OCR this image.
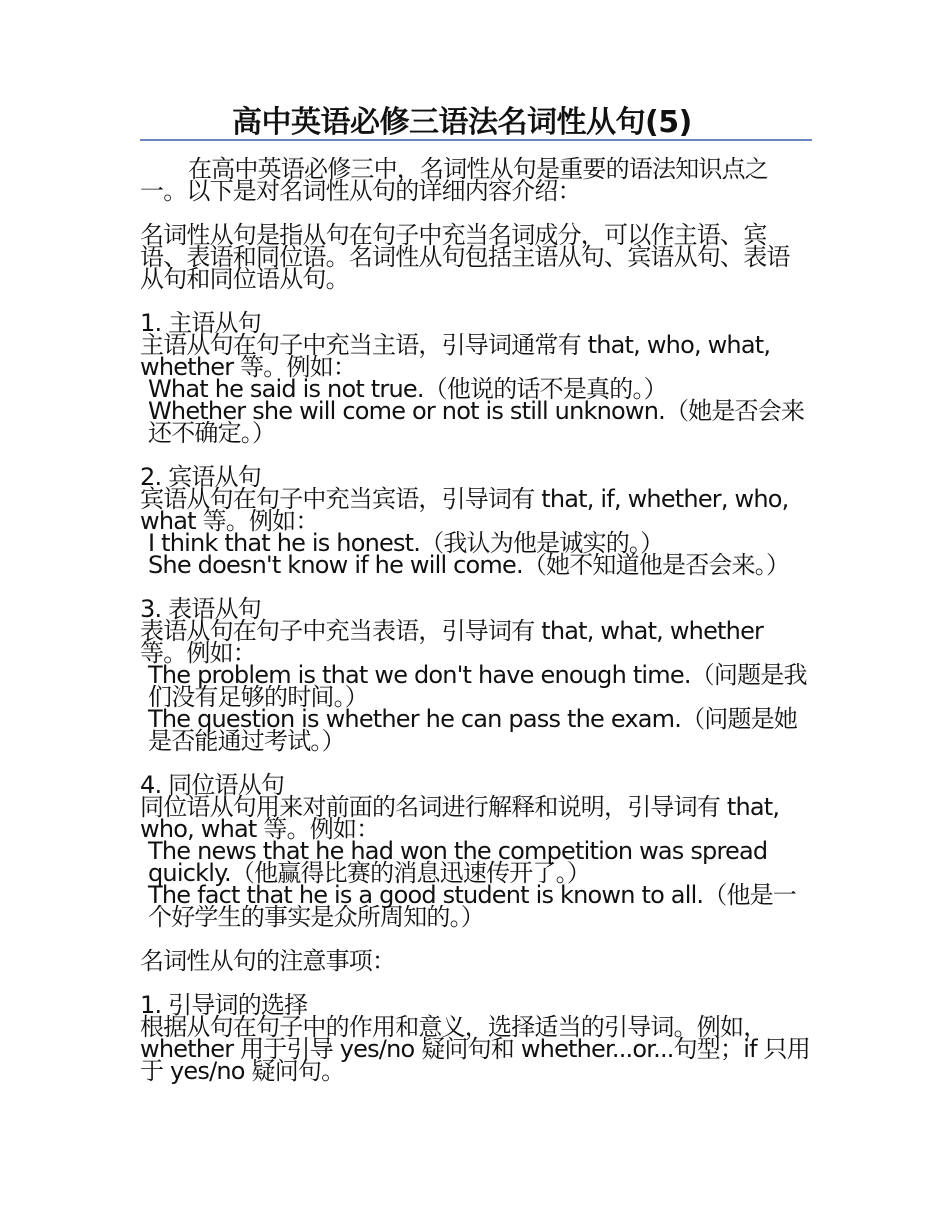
高中英语必修三语法名词性从句(5)

在高中英语必修三中，名词性从句是重要的语法知识点之一。以下是对名词性从句的详细内容介绍：

名词性从句是指从句在句子中充当名词成分，可以作主语、宾语、表语和同位语。名词性从句包括主语从句、宾语从句、表语从句和同位语从句。

1. 主语从句

主语从句在句子中充当主语，引导词通常有 that, who, what, whether 等。例如：

What he said is not true.（他说的话不是真的。）

Whether she will come or not is still unknown.（她是否会来还不确定。）

2. 宾语从句

宾语从句在句子中充当宾语，引导词有 that, if, whether, who, what 等。例如：

I think that he is honest.（我认为他是诚实的。）

She doesn't know if he will come.（她不知道他是否会来。）

3. 表语从句

表语从句在句子中充当表语，引导词有 that, what, whether 等。例如：

The problem is that we don't have enough time.（问题是我们没有足够的时间。）

The question is whether he can pass the exam.（问题是她是否能通过考试。）

4. 同位语从句

同位语从句用来对前面的名词进行解释和说明，引导词有 that, who, what 等。例如：

The news that he had won the competition was spread quickly.（他赢得比赛的消息迅速传开了。）

The fact that he is a good student is known to all.（他是一个好学生的事实是众所周知的。）

名词性从句的注意事项：

1. 引导词的选择

根据从句在句子中的作用和意义，选择适当的引导词。例如，whether 用于引导 yes/no 疑问句和 whether...or...句型；if 只用于 yes/no 疑问句。
